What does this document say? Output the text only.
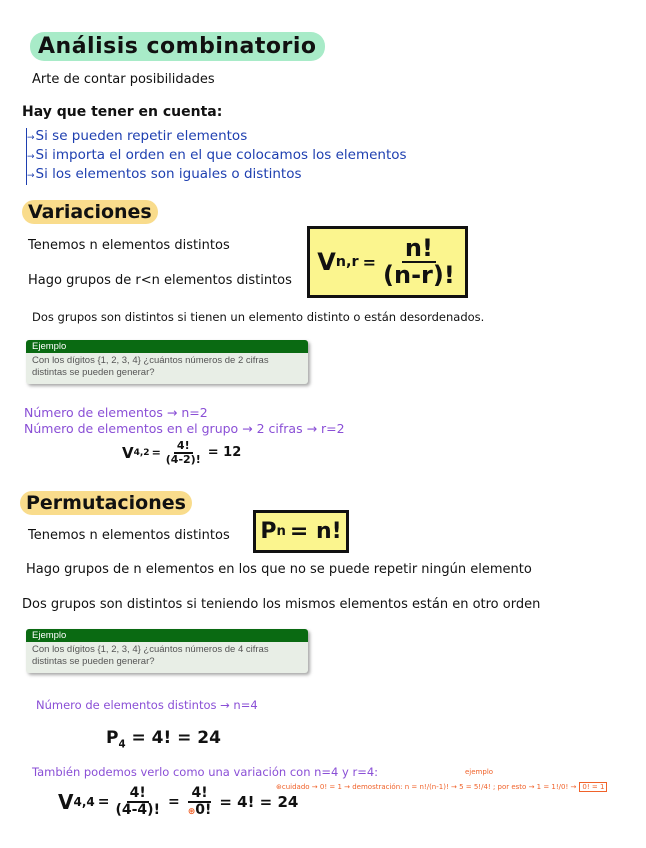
Análisis combinatorio
Arte de contar posibilidades
Hay que tener en cuenta:
→ Si se pueden repetir elementos
→ Si importa el orden en el que colocamos los elementos
→ Si los elementos son iguales o distintos
Variaciones
Tenemos n elementos distintos
Hago grupos de r<n elementos distintos
V $n,r = \frac{n!}{(n-r)!}$
Dos grupos son distintos si tienen un elemento distinto o están desordenados.
Ejemplo
Con los dígitos {1, 2, 3, 4} ¿cuántos números de 2 cifras distintas se pueden generar?
Número de elementos → n=2
Número de elementos en el grupo → 2 cifras → r=2
V $4,2 = \frac{4!}{(4-2)!} = 12$
Permutaciones
Tenemos n elementos distintos P n = n!
Hago grupos de n elementos en los que no se puede repetir ningún elemento
Dos grupos son distintos si teniendo los mismos elementos están en otro orden
Ejemplo
Con los dígitos {1, 2, 3, 4} ¿cuántos números de 4 cifras distintas se pueden generar?
Número de elementos distintos → n=4
$P_4 = 4$! = 24
También podemos verlo como una variación con n=4 y r=4:
V $4,4 = \frac{4!}{(4-4)!} = \frac{4!}{⊛0!} = 4$! = 24
ejemplo
⊛cuidado → 0! = 1 → demostración: n = n!/(n-1)! → 5 = 5!/4! ; por esto → 1 = 1!/0! → 0! = 1
